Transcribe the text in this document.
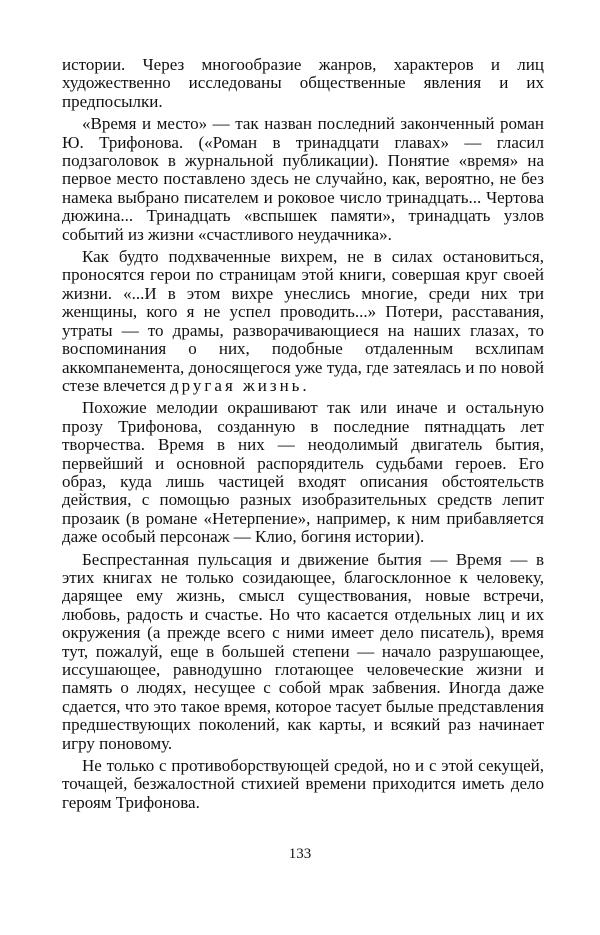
истории. Через многообразие жанров, характеров и лиц художественно исследованы общественные явления и их предпосылки.

«Время и место» — так назван последний законченный роман Ю. Трифонова. («Роман в тринадцати главах» — гласил подзаголовок в журнальной публикации). Понятие «время» на первое место поставлено здесь не случайно, как, вероятно, не без намека выбрано писателем и роковое число тринадцать... Чертова дюжина... Тринадцать «вспышек памяти», тринадцать узлов событий из жизни «счастливого неудачника».

Как будто подхваченные вихрем, не в силах остановиться, проносятся герои по страницам этой книги, совершая круг своей жизни. «...И в этом вихре унеслись многие, среди них три женщины, кого я не успел проводить...» Потери, расставания, утраты — то драмы, разворачивающиеся на наших глазах, то воспоминания о них, подобные отдаленным всхлипам аккомпанемента, доносящегося уже туда, где затеялась и по новой стезе влечется другая жизнь.

Похожие мелодии окрашивают так или иначе и остальную прозу Трифонова, созданную в последние пятнадцать лет творчества. Время в них — неодолимый двигатель бытия, первейший и основной распорядитель судьбами героев. Его образ, куда лишь частицей входят описания обстоятельств действия, с помощью разных изобразительных средств лепит прозаик (в романе «Нетерпение», например, к ним прибавляется даже особый персонаж — Клио, богиня истории).

Беспрестанная пульсация и движение бытия — Время — в этих книгах не только созидающее, благосклонное к человеку, дарящее ему жизнь, смысл существования, новые встречи, любовь, радость и счастье. Но что касается отдельных лиц и их окружения (а прежде всего с ними имеет дело писатель), время тут, пожалуй, еще в большей степени — начало разрушающее, иссушающее, равнодушно глотающее человеческие жизни и память о людях, несущее с собой мрак забвения. Иногда даже сдается, что это такое время, которое тасует былые представления предшествующих поколений, как карты, и всякий раз начинает игру поновому.

Не только с противоборствующей средой, но и с этой секущей, точащей, безжалостной стихией времени приходится иметь дело героям Трифонова.

133
